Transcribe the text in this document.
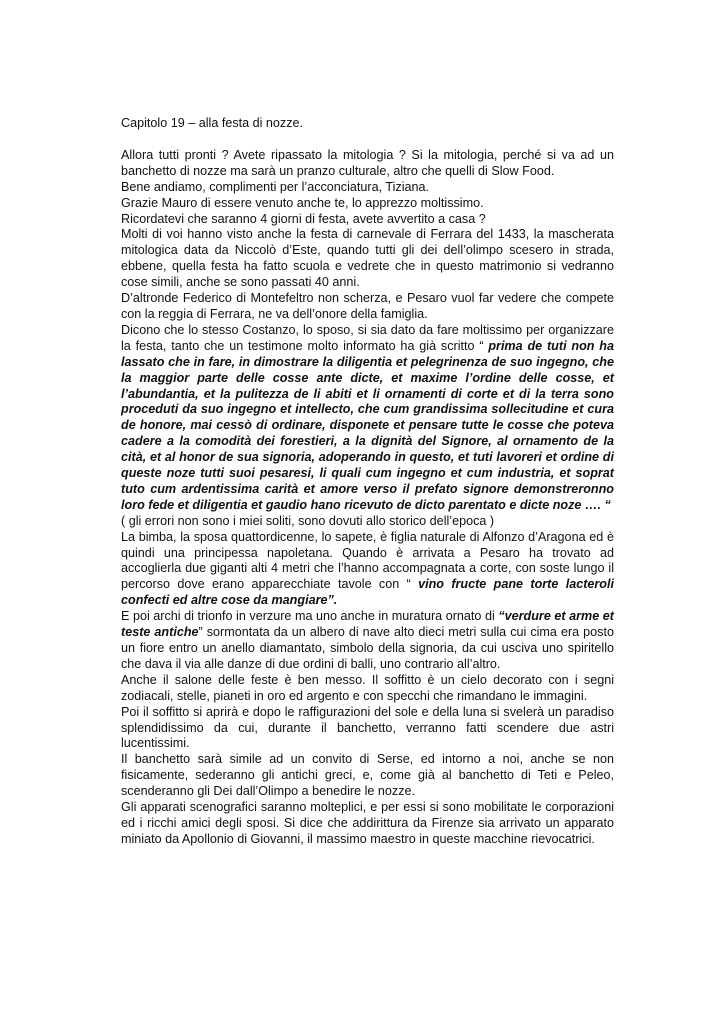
Capitolo 19 – alla festa di nozze.

Allora tutti pronti ? Avete ripassato la mitologia ? Si la mitologia, perché si va ad un banchetto di nozze ma sarà un pranzo culturale, altro che quelli di Slow Food.

Bene andiamo, complimenti per l’acconciatura, Tiziana.

Grazie Mauro di essere venuto anche te, lo apprezzo moltissimo.

Ricordatevi che saranno 4 giorni di festa, avete avvertito a casa ?

Molti di voi hanno visto anche la festa di carnevale di Ferrara del 1433, la mascherata mitologica data da Niccolò d’Este, quando tutti gli dei dell’olimpo scesero in strada, ebbene, quella festa ha fatto scuola e vedrete che in questo matrimonio si vedranno cose simili, anche se sono passati 40 anni.

D’altronde Federico di Montefeltro non scherza, e Pesaro vuol far vedere che compete con la reggia di Ferrara, ne va dell’onore della famiglia.

Dicono che lo stesso Costanzo, lo sposo, si sia dato da fare moltissimo per organizzare la festa, tanto che un testimone molto informato ha già scritto “ prima de tuti non ha lassato che in fare, in dimostrare la diligentia et pelegrinenza de suo ingegno, che la maggior parte delle cosse ante dicte, et maxime l’ordine delle cosse, et l’abundantia, et la pulitezza de li abiti et li ornamenti di corte et di la terra sono proceduti da suo ingegno et intellecto, che cum grandissima sollecitudine et cura de honore, mai cessò di ordinare, disponete et pensare tutte le cosse che poteva cadere a la comodità dei forestieri, a la dignità del Signore, al ornamento de la cità, et al honor de sua signoria, adoperando in questo, et tuti lavoreri et ordine di queste noze tutti suoi pesaresi, li quali cum ingegno et cum industria, et soprat tuto cum ardentissima carità et amore verso il prefato signore demonstreronno loro fede et diligentia et gaudio hano ricevuto de dicto parentato e dicte noze …. “

( gli errori non sono i miei soliti, sono dovuti allo storico dell’epoca )

La bimba, la sposa quattordicenne, lo sapete, è figlia naturale di Alfonzo d’Aragona ed è quindi una principessa napoletana. Quando è arrivata a Pesaro ha trovato ad accoglierla due giganti alti 4 metri che l’hanno accompagnata a corte, con soste lungo il percorso dove erano apparecchiate tavole con “ vino fructe pane torte lacteroli confecti ed altre cose da mangiare”.

E poi archi di trionfo in verzure ma uno anche in muratura ornato di “verdure et arme et teste antiche” sormontata da un albero di nave alto dieci metri sulla cui cima era posto un fiore entro un anello diamantato, simbolo della signoria, da cui usciva uno spiritello che dava il via alle danze di due ordini di balli, uno contrario all’altro.

Anche il salone delle feste è ben messo. Il soffitto è un cielo decorato con i segni zodiacali, stelle, pianeti in oro ed argento e con specchi che rimandano le immagini.

Poi il soffitto si aprirà e dopo le raffigurazioni del sole e della luna si svelerà un paradiso splendidissimo da cui, durante il banchetto, verranno fatti scendere due astri lucentissimi.

Il banchetto sarà simile ad un convito di Serse, ed intorno a noi, anche se non fisicamente, sederanno gli antichi greci, e, come già al banchetto di Teti e Peleo, scenderanno gli Dei dall’Olimpo a benedire le nozze.

Gli apparati scenografici saranno molteplici, e per essi si sono mobilitate le corporazioni ed i ricchi amici degli sposi. Si dice che addirittura da Firenze sia arrivato un apparato miniato da Apollonio di Giovanni, il massimo maestro in queste macchine rievocatrici.
